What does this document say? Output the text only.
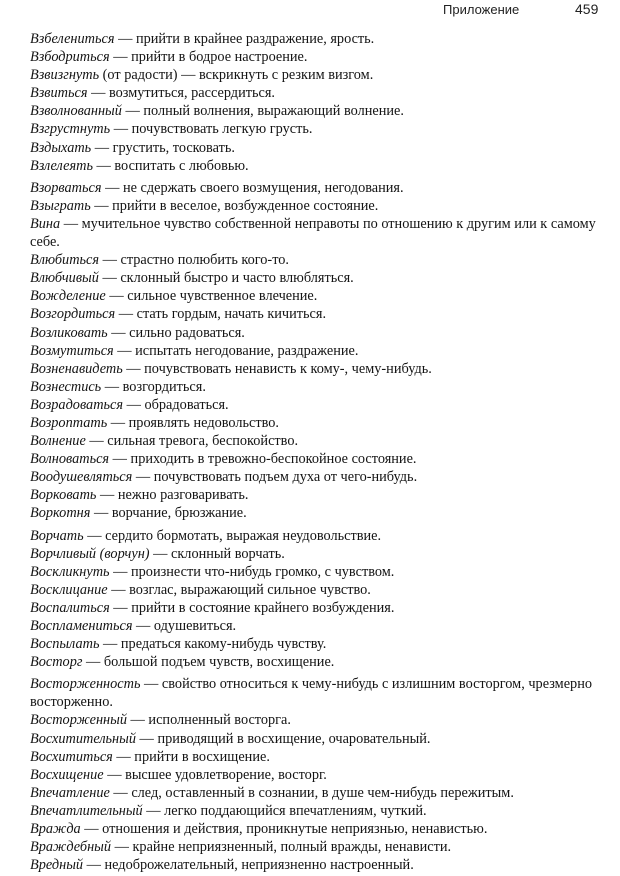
Приложение	459
Взбелениться — прийти в крайнее раздражение, ярость.
Взбодриться — прийти в бодрое настроение.
Взвизгнуть (от радости) — вскрикнуть с резким визгом.
Взвиться — возмутиться, рассердиться.
Взволнованный — полный волнения, выражающий волнение.
Взгрустнуть — почувствовать легкую грусть.
Вздыхать — грустить, тосковать.
Взлелеять — воспитать с любовью.
Взорваться — не сдержать своего возмущения, негодования.
Взыграть — прийти в веселое, возбужденное состояние.
Вина — мучительное чувство собственной неправоты по отношению к другим или к самому себе.
Влюбиться — страстно полюбить кого-то.
Влюбчивый — склонный быстро и часто влюбляться.
Вожделение — сильное чувственное влечение.
Возгордиться — стать гордым, начать кичиться.
Возликовать — сильно радоваться.
Возмутиться — испытать негодование, раздражение.
Возненавидеть — почувствовать ненависть к кому-, чему-нибудь.
Вознестись — возгордиться.
Возрадоваться — обрадоваться.
Возроптать — проявлять недовольство.
Волнение — сильная тревога, беспокойство.
Волноваться — приходить в тревожно-беспокойное состояние.
Воодушевляться — почувствовать подъем духа от чего-нибудь.
Ворковать — нежно разговаривать.
Воркотня — ворчание, брюзжание.
Ворчать — сердито бормотать, выражая неудовольствие.
Ворчливый (ворчун) — склонный ворчать.
Воскликнуть — произнести что-нибудь громко, с чувством.
Восклицание — возглас, выражающий сильное чувство.
Воспалиться — прийти в состояние крайнего возбуждения.
Воспламениться — одушевиться.
Воспылать — предаться какому-нибудь чувству.
Восторг — большой подъем чувств, восхищение.
Восторженность — свойство относиться к чему-нибудь с излишним восторгом, чрезмерно восторженно.
Восторженный — исполненный восторга.
Восхитительный — приводящий в восхищение, очаровательный.
Восхититься — прийти в восхищение.
Восхищение — высшее удовлетворение, восторг.
Впечатление — след, оставленный в сознании, в душе чем-нибудь пережитым.
Впечатлительный — легко поддающийся впечатлениям, чуткий.
Вражда — отношения и действия, проникнутые неприязнью, ненавистью.
Враждебный — крайне неприязненный, полный вражды, ненависти.
Вредный — недоброжелательный, неприязненно настроенный.
